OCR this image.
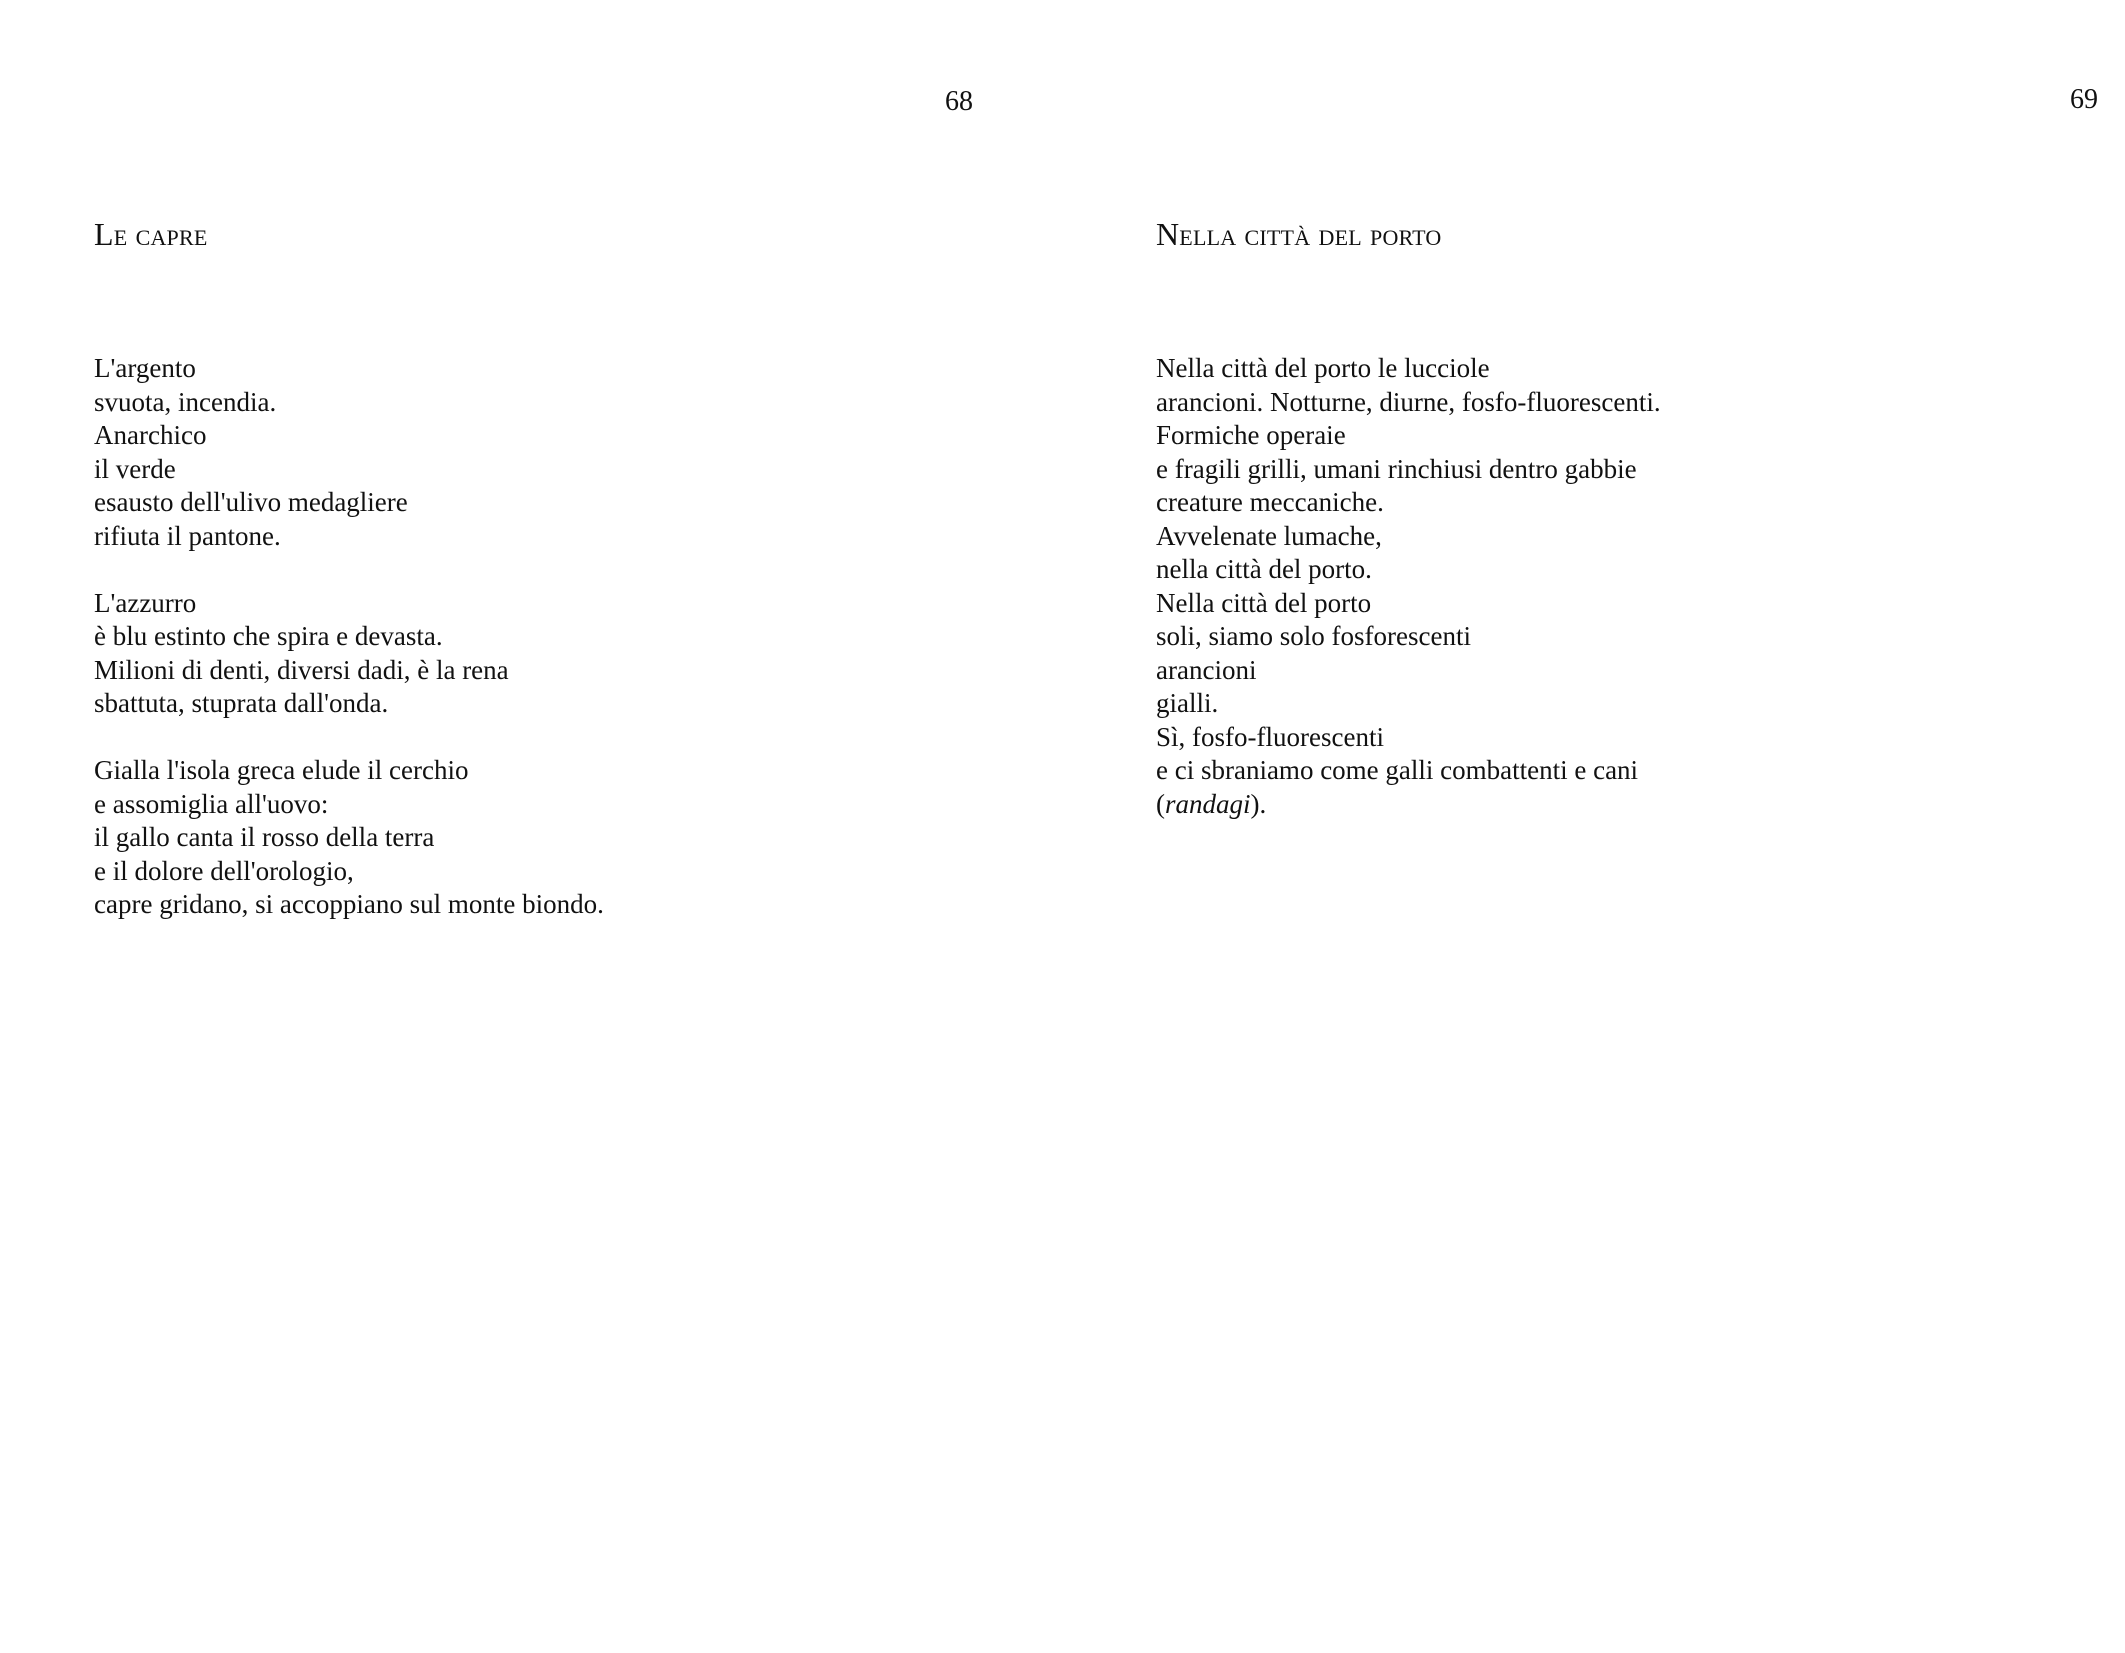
68

Le capre
L'argento
svuota, incendia.
Anarchico
il verde
esausto dell'ulivo medagliere
rifiuta il pantone.
L'azzurro
è blu estinto che spira e devasta.
Milioni di denti, diversi dadi, è la rena
sbattuta, stuprata dall'onda.
Gialla l'isola greca elude il cerchio
e assomiglia all'uovo:
il gallo canta il rosso della terra
e il dolore dell'orologio,
capre gridano, si accoppiano sul monte biondo.

69

Nella città del porto
Nella città del porto le lucciole
arancioni. Notturne, diurne, fosfo-fluorescenti.
Formiche operaie
e fragili grilli, umani rinchiusi dentro gabbie
creature meccaniche.
Avvelenate lumache,
nella città del porto.
Nella città del porto
soli, siamo solo fosforescenti
arancioni
gialli.
Sì, fosfo-fluorescenti
e ci sbraniamo come galli combattenti e cani
(randagi).
